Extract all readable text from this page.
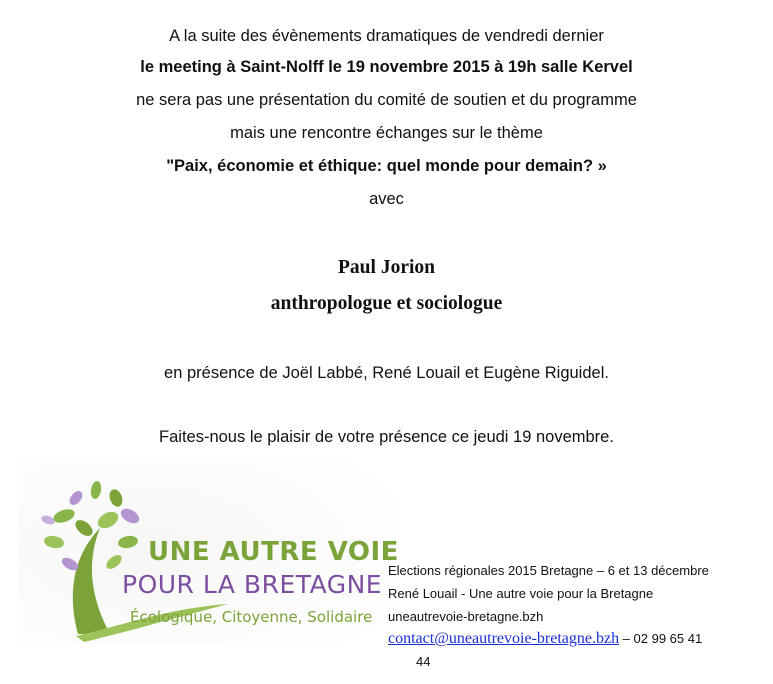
A la suite des évènements dramatiques de vendredi dernier
le meeting à Saint-Nolff le 19 novembre 2015 à 19h salle Kervel
ne sera pas une présentation du comité de soutien et du programme
mais une rencontre échanges sur le thème
"Paix, économie et éthique: quel monde pour demain? »
avec
Paul Jorion
anthropologue et sociologue
en présence de Joël Labbé, René Louail et Eugène Riguidel.
Faites-nous le plaisir de votre présence ce jeudi 19 novembre.
UNE AUTRE VOIE
POUR LA BRETAGNE
Écologique, Citoyenne, Solidaire
Elections régionales 2015 Bretagne – 6 et 13 décembre
René Louail - Une autre voie pour la Bretagne
uneautrevoie-bretagne.bzh
contact@uneautrevoie-bretagne.bzh – 02 99 65 41
44
